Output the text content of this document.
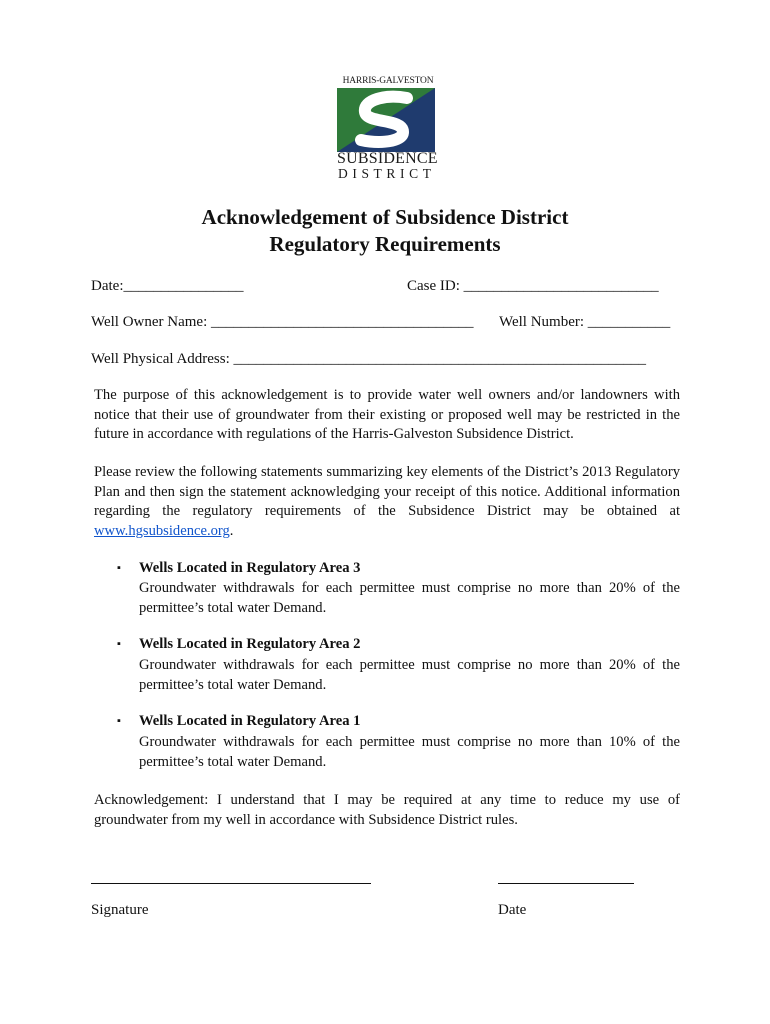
HARRIS-GALVESTON
SUBSIDENCE
DISTRICT
Acknowledgement of Subsidence District
Regulatory Requirements
Date:________________	Case ID: __________________________
Well Owner Name: ___________________________________ Well Number: ___________
Well Physical Address: _______________________________________________________
The purpose of this acknowledgement is to provide water well owners and/or landowners with notice that their use of groundwater from their existing or proposed well may be restricted in the future in accordance with regulations of the Harris-Galveston Subsidence District.
Please review the following statements summarizing key elements of the District’s 2013 Regulatory Plan and then sign the statement acknowledging your receipt of this notice. Additional information regarding the regulatory requirements of the Subsidence District may be obtained at www.hgsubsidence.org.
▪ Wells Located in Regulatory Area 3
Groundwater withdrawals for each permittee must comprise no more than 20% of the permittee’s total water Demand.
▪ Wells Located in Regulatory Area 2
Groundwater withdrawals for each permittee must comprise no more than 20% of the permittee’s total water Demand.
▪ Wells Located in Regulatory Area 1
Groundwater withdrawals for each permittee must comprise no more than 10% of the permittee’s total water Demand.
Acknowledgement: I understand that I may be required at any time to reduce my use of groundwater from my well in accordance with Subsidence District rules.
Signature	Date
